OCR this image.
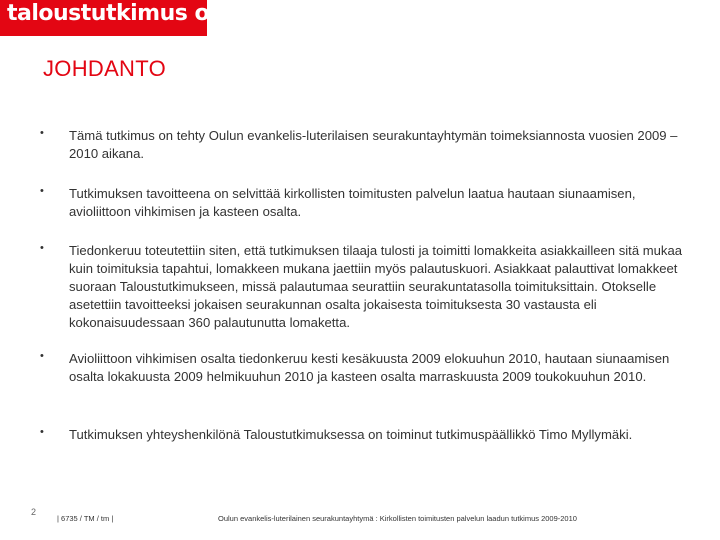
taloustutkimus oy
JOHDANTO
• Tämä tutkimus on tehty Oulun evankelis-luterilaisen seurakuntayhtymän toimeksiannosta vuosien 2009 – 2010 aikana.
• Tutkimuksen tavoitteena on selvittää kirkollisten toimitusten palvelun laatua hautaan siunaamisen, avioliittoon vihkimisen ja kasteen osalta.
• Tiedonkeruu toteutettiin siten, että tutkimuksen tilaaja tulosti ja toimitti lomakkeita asiakkailleen sitä mukaa kuin toimituksia tapahtui, lomakkeen mukana jaettiin myös palautuskuori. Asiakkaat palauttivat lomakkeet suoraan Taloustutkimukseen, missä palautumaa seurattiin seurakuntatasolla toimituksittain. Otokselle asetettiin tavoitteeksi jokaisen seurakunnan osalta jokaisesta toimituksesta 30 vastausta eli kokonaisuudessaan 360 palautunutta lomaketta.
• Avioliittoon vihkimisen osalta tiedonkeruu kesti kesäkuusta 2009 elokuuhun 2010, hautaan siunaamisen osalta lokakuusta 2009 helmikuuhun 2010 ja kasteen osalta marraskuusta 2009 toukokuuhun 2010.
• Tutkimuksen yhteyshenkilönä Taloustutkimuksessa on toiminut tutkimuspäällikkö Timo Myllymäki.
2
| 6735 / TM / tm |	Oulun evankelis-luterilainen seurakuntayhtymä : Kirkollisten toimitusten palvelun laadun tutkimus 2009-2010
